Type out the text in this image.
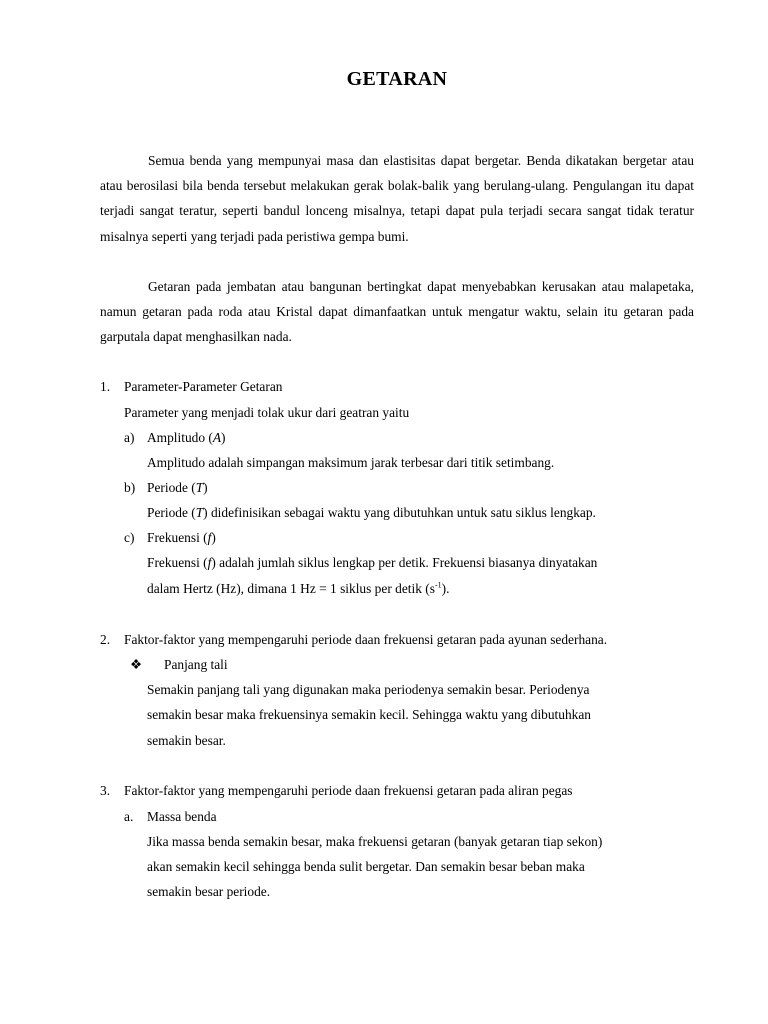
GETARAN

Semua benda yang mempunyai masa dan elastisitas dapat bergetar. Benda dikatakan bergetar atau atau berosilasi bila benda tersebut melakukan gerak bolak-balik yang berulang-ulang. Pengulangan itu dapat terjadi sangat teratur, seperti bandul lonceng misalnya, tetapi dapat pula terjadi secara sangat tidak teratur misalnya seperti yang terjadi pada peristiwa gempa bumi.

Getaran pada jembatan atau bangunan bertingkat dapat menyebabkan kerusakan atau malapetaka, namun getaran pada roda atau Kristal dapat dimanfaatkan untuk mengatur waktu, selain itu getaran pada garputala dapat menghasilkan nada.

1. Parameter-Parameter Getaran
Parameter yang menjadi tolak ukur dari geatran yaitu
a) Amplitudo (A)
Amplitudo adalah simpangan maksimum jarak terbesar dari titik setimbang.
b) Periode (T)
Periode (T) didefinisikan sebagai waktu yang dibutuhkan untuk satu siklus lengkap.
c) Frekuensi (f)
Frekuensi (f) adalah jumlah siklus lengkap per detik. Frekuensi biasanya dinyatakan
dalam Hertz (Hz), dimana 1 Hz = 1 siklus per detik $(s^{-1})$.
2. Faktor-faktor yang mempengaruhi periode daan frekuensi getaran pada ayunan sederhana.
❖ Panjang tali
Semakin panjang tali yang digunakan maka periodenya semakin besar. Periodenya
semakin besar maka frekuensinya semakin kecil. Sehingga waktu yang dibutuhkan
semakin besar.
3. Faktor-faktor yang mempengaruhi periode daan frekuensi getaran pada aliran pegas
a. Massa benda
Jika massa benda semakin besar, maka frekuensi getaran (banyak getaran tiap sekon)
akan semakin kecil sehingga benda sulit bergetar. Dan semakin besar beban maka
semakin besar periode.
